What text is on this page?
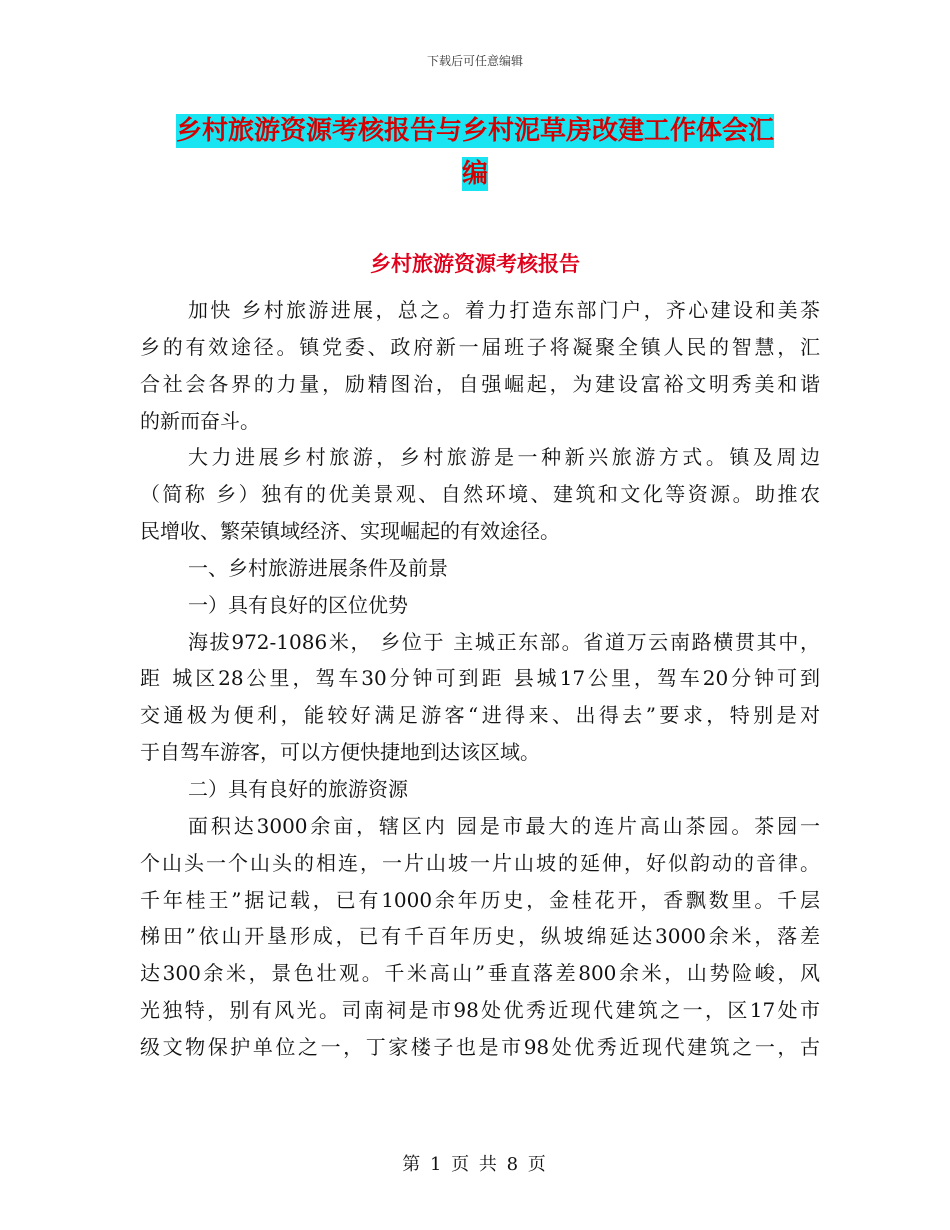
下载后可任意编辑
乡村旅游资源考核报告与乡村泥草房改建工作体会汇
编
乡村旅游资源考核报告
加快 乡村旅游进展，总之。着力打造东部门户，齐心建设和美茶
乡的有效途径。镇党委、政府新一届班子将凝聚全镇人民的智慧，汇
合社会各界的力量，励精图治，自强崛起，为建设富裕文明秀美和谐
的新而奋斗。
大力进展乡村旅游，乡村旅游是一种新兴旅游方式。镇及周边
（简称 乡）独有的优美景观、自然环境、建筑和文化等资源。助推农
民增收、繁荣镇域经济、实现崛起的有效途径。
一、乡村旅游进展条件及前景
一）具有良好的区位优势
海拔972-1086米， 乡位于 主城正东部。省道万云南路横贯其中，
距 城区28公里，驾车30分钟可到距 县城17公里，驾车20分钟可到
交通极为便利，能较好满足游客“进得来、出得去”要求，特别是对
于自驾车游客，可以方便快捷地到达该区域。
二）具有良好的旅游资源
面积达3000余亩，辖区内 园是市最大的连片高山茶园。茶园一
个山头一个山头的相连，一片山坡一片山坡的延伸，好似韵动的音律。
千年桂王”据记载，已有1000余年历史，金桂花开，香飘数里。千层
梯田”依山开垦形成，已有千百年历史，纵坡绵延达3000余米，落差
达300余米，景色壮观。千米高山”垂直落差800余米，山势险峻，风
光独特，别有风光。司南祠是市98处优秀近现代建筑之一，区17处市
级文物保护单位之一，丁家楼子也是市98处优秀近现代建筑之一，古
第 1 页 共 8 页
